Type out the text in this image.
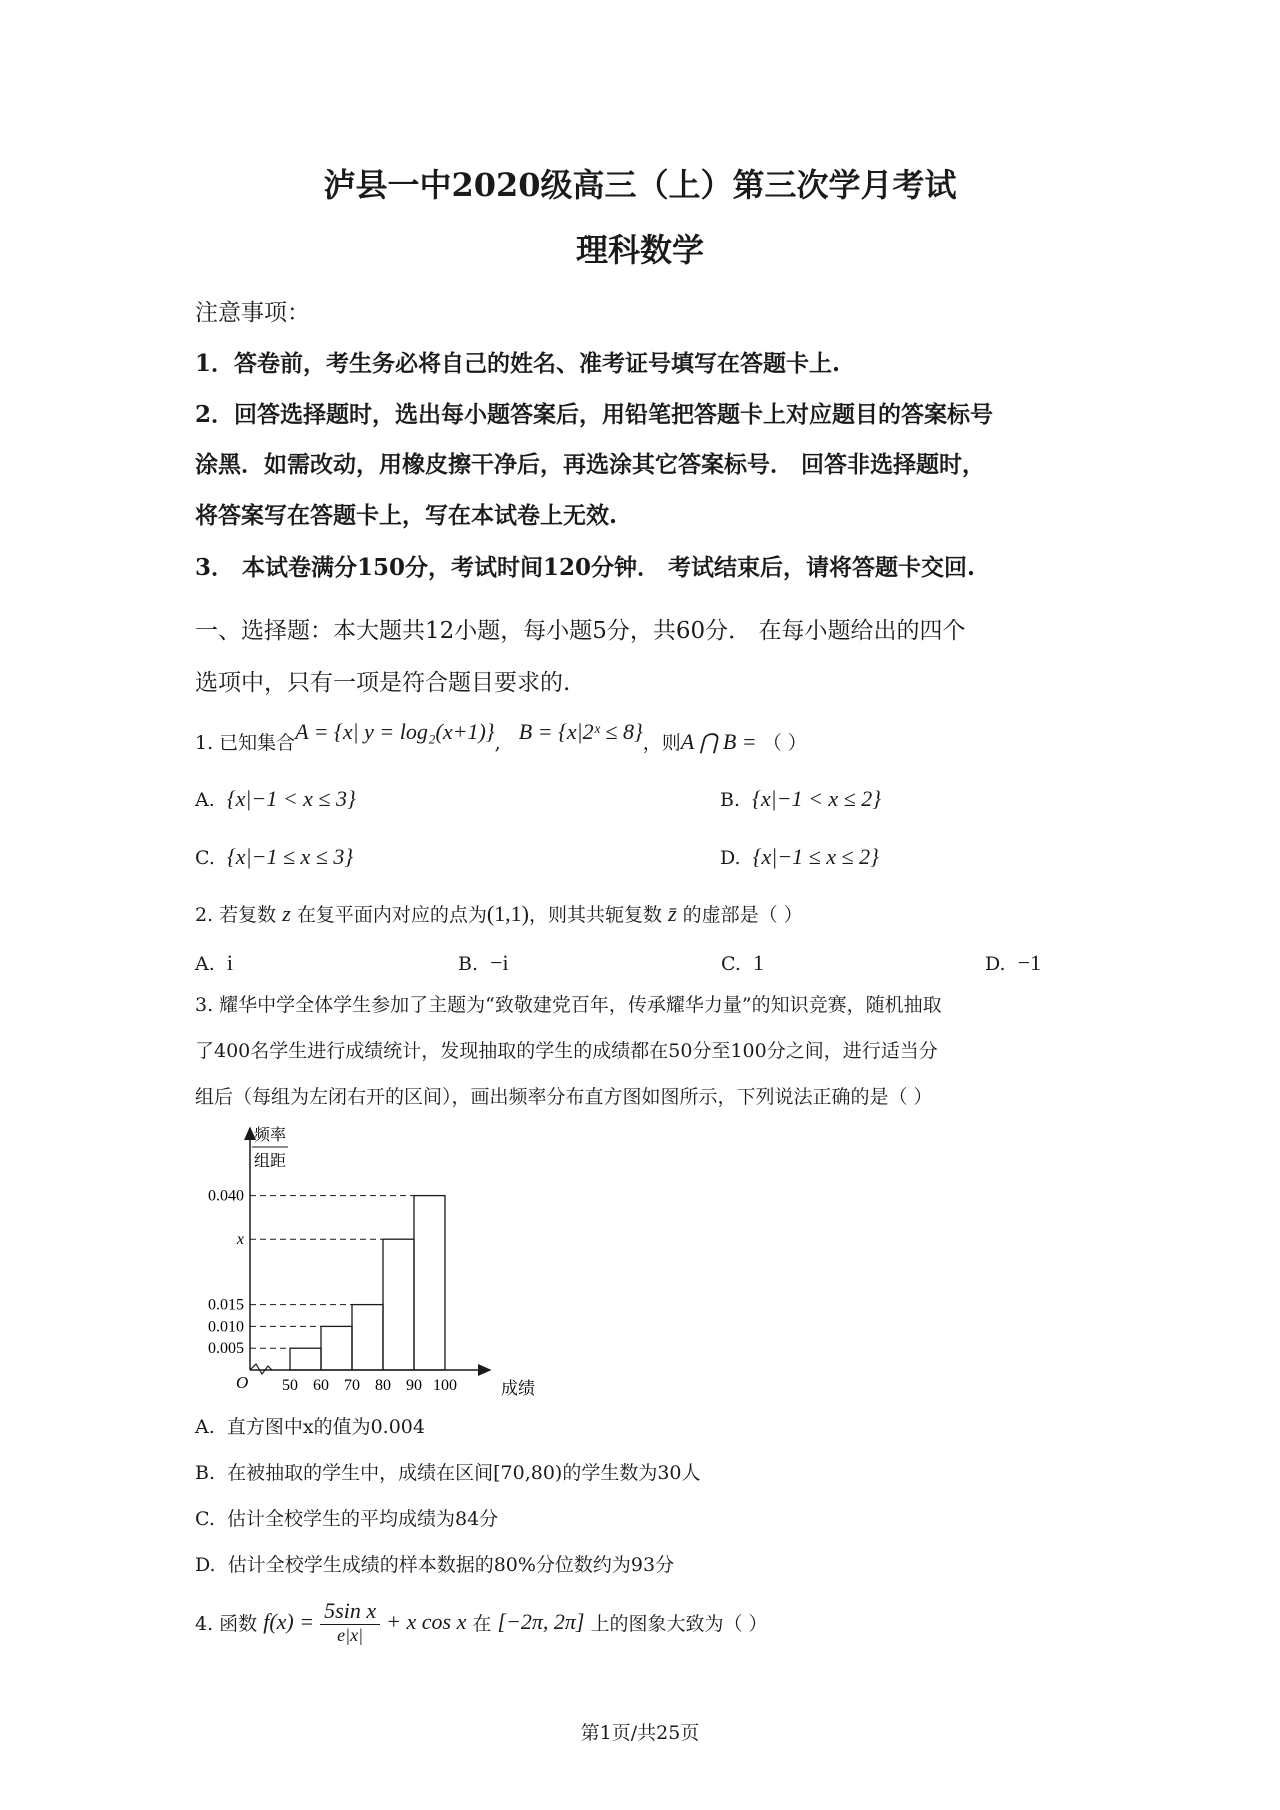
泸县一中2020级高三（上）第三次学月考试
理科数学
注意事项：
1．答卷前，考生务必将自己的姓名、准考证号填写在答题卡上.
2．回答选择题时，选出每小题答案后，用铅笔把答题卡上对应题目的答案标号
涂黑．如需改动，用橡皮擦干净后，再选涂其它答案标号． 回答非选择题时，
将答案写在答题卡上，写在本试卷上无效.
3． 本试卷满分150分，考试时间120分钟． 考试结束后，请将答题卡交回.
一、选择题：本大题共12小题，每小题5分，共60分． 在每小题给出的四个
选项中，只有一项是符合题目要求的.
1. 已知集合A = {x| y = log₂(x+1)}, B = {x|2ˣ ≤ 8}，则A ⋂ B = （ ）
A. {x|−1 < x ≤ 3}	B. {x|−1 < x ≤ 2}
C. {x|−1 ≤ x ≤ 3}	D. {x|−1 ≤ x ≤ 2}
2. 若复数 z 在复平面内对应的点为(1,1)，则其共轭复数 z̄ 的虚部是（ ）
A. i	B. −i	C. 1	D. −1
3. 耀华中学全体学生参加了主题为“致敬建党百年，传承耀华力量”的知识竞赛，随机抽取
了400名学生进行成绩统计，发现抽取的学生的成绩都在50分至100分之间，进行适当分
组后（每组为左闭右开的区间），画出频率分布直方图如图所示，下列说法正确的是（ ）
0.005
0.010
0.015
x
0.040
50 60 70 80 90 100
O
频率
组距
成绩
A. 直方图中x的值为0.004
B. 在被抽取的学生中，成绩在区间[70,80)的学生数为30人
C. 估计全校学生的平均成绩为84分
D. 估计全校学生成绩的样本数据的80%分位数约为93分
4. 函数 f(x) = 5sin x
e|x|
+ x cos x 在 [−2π, 2π] 上的图象大致为（ ）
第1页/共25页
